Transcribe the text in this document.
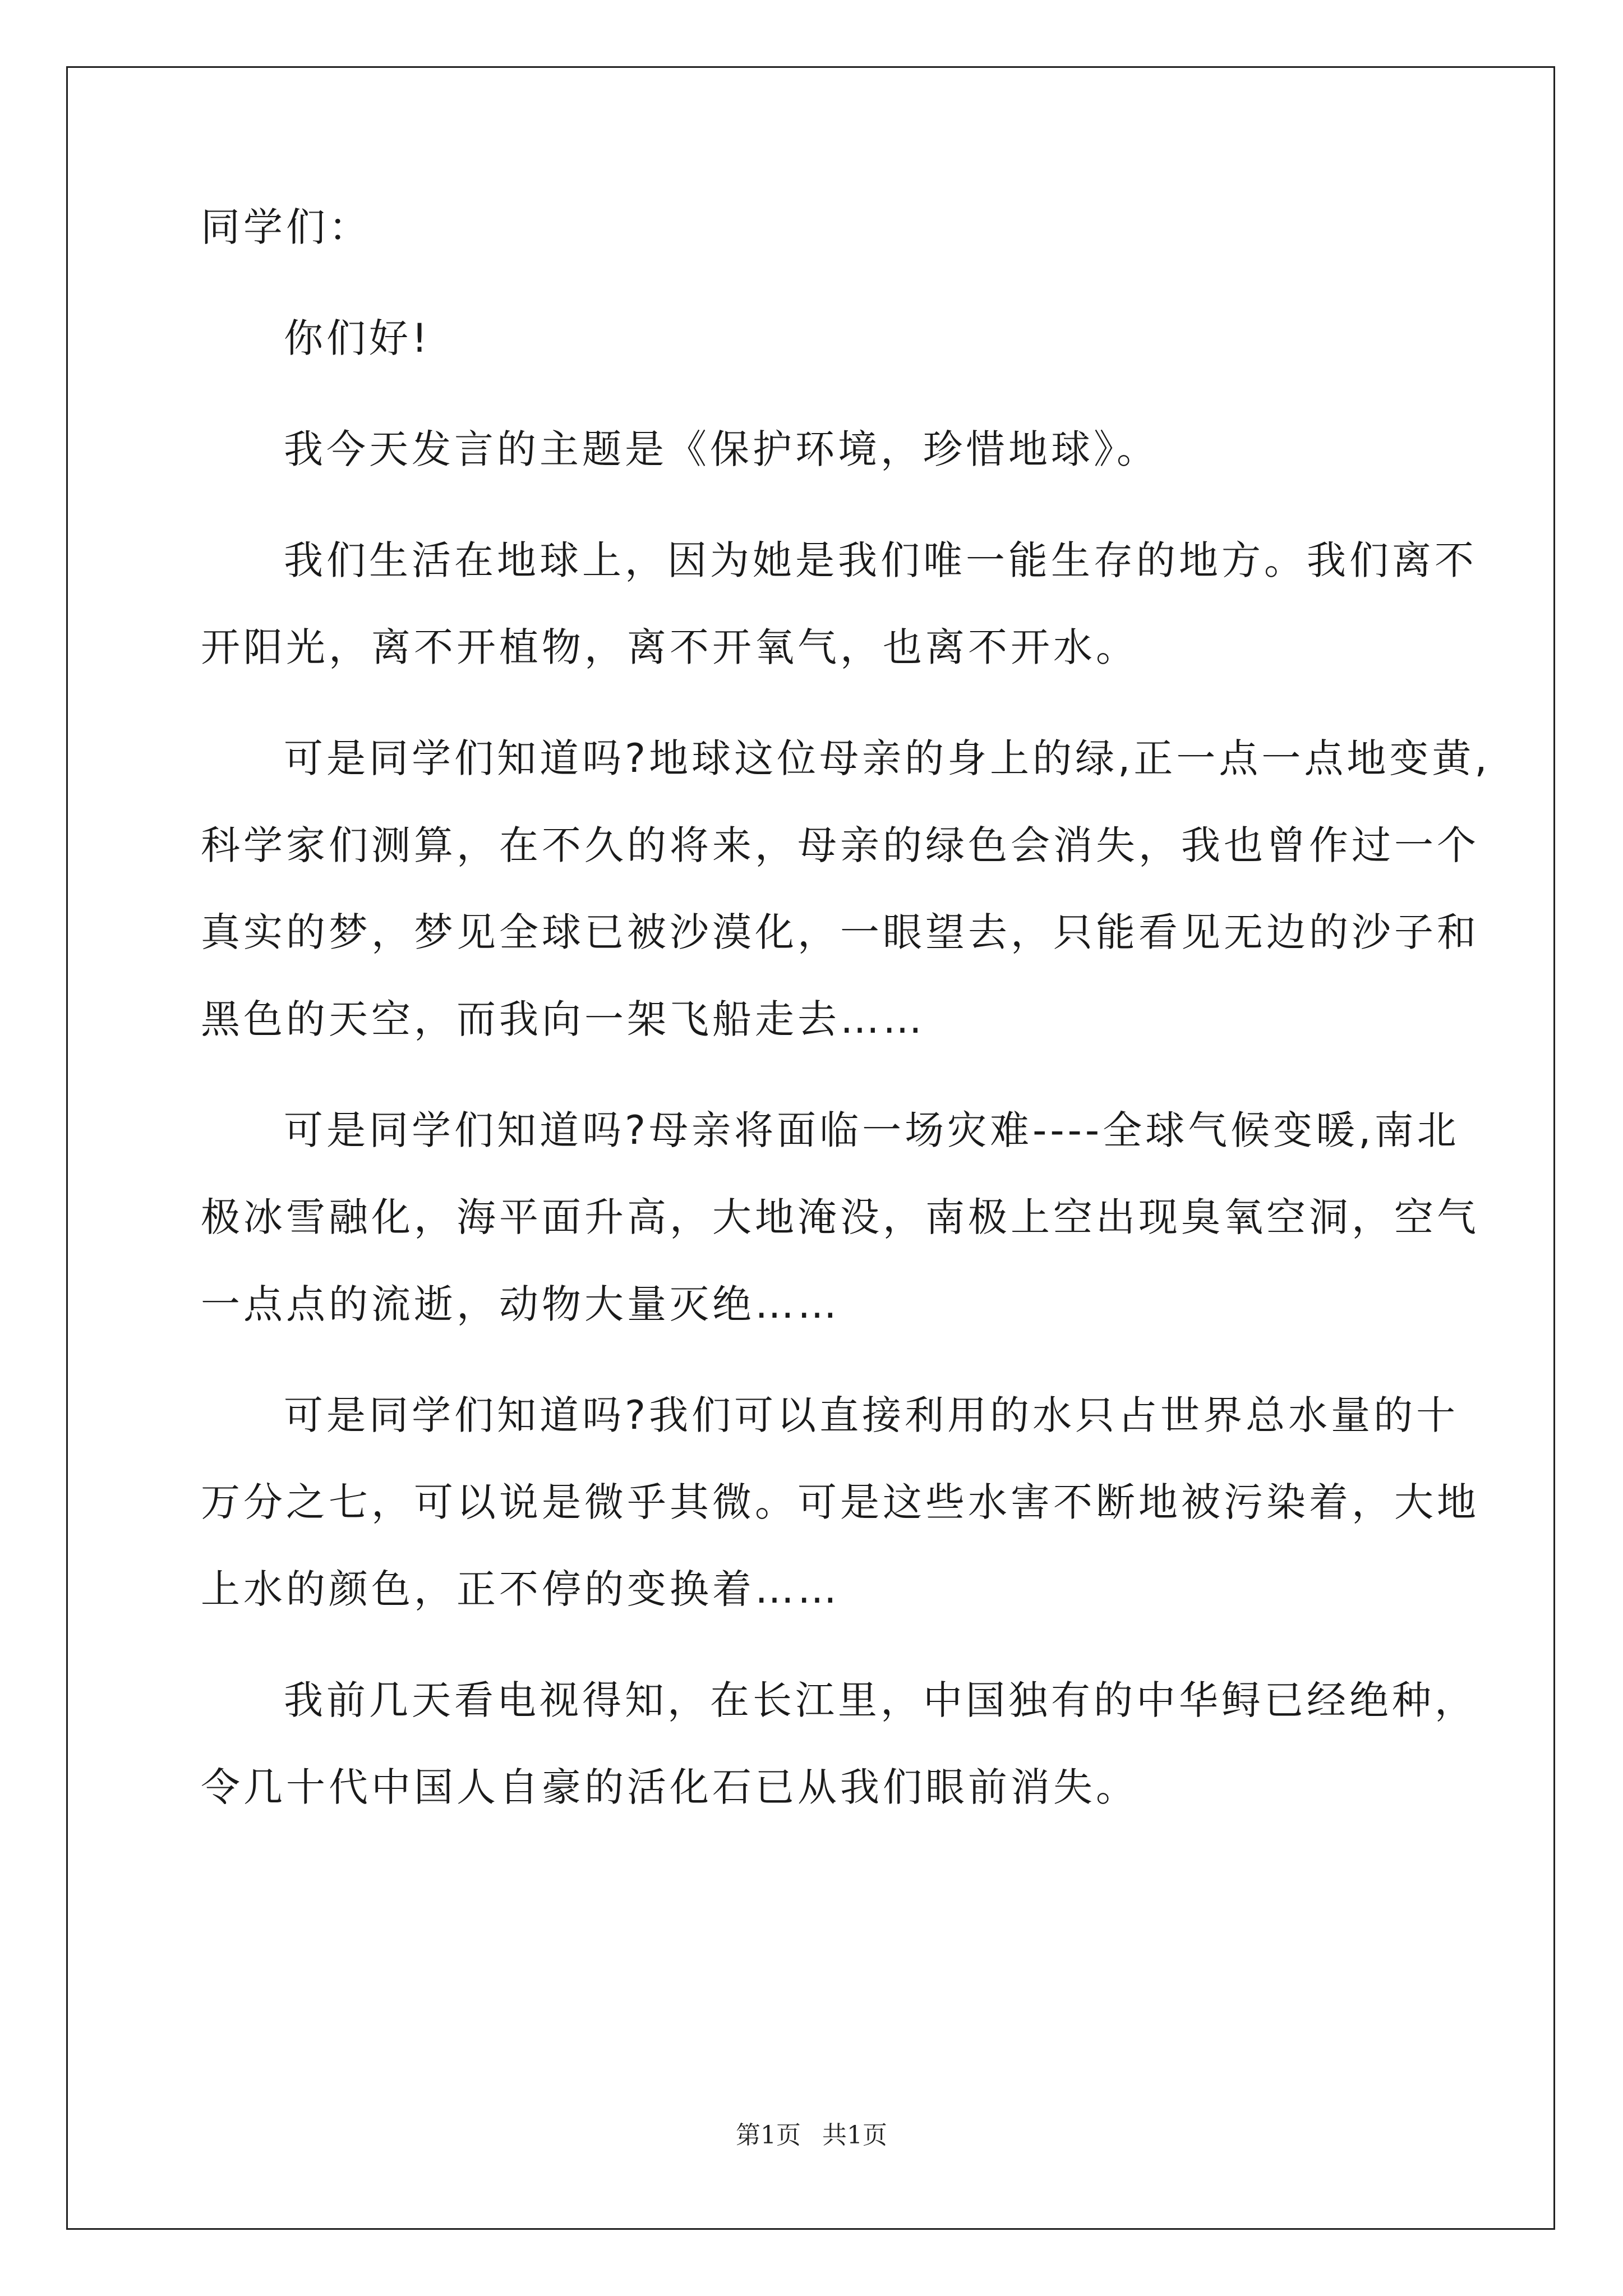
同学们：
你们好!
我今天发言的主题是《保护环境，珍惜地球》。
我们生活在地球上，因为她是我们唯一能生存的地方。我们离不
开阳光，离不开植物，离不开氧气，也离不开水。
可是同学们知道吗?地球这位母亲的身上的绿,正一点一点地变黄,
科学家们测算，在不久的将来，母亲的绿色会消失，我也曾作过一个
真实的梦，梦见全球已被沙漠化，一眼望去，只能看见无边的沙子和
黑色的天空，而我向一架飞船走去……
可是同学们知道吗?母亲将面临一场灾难----全球气候变暖,南北
极冰雪融化，海平面升高，大地淹没，南极上空出现臭氧空洞，空气
一点点的流逝，动物大量灭绝……
可是同学们知道吗?我们可以直接利用的水只占世界总水量的十
万分之七，可以说是微乎其微。可是这些水害不断地被污染着，大地
上水的颜色，正不停的变换着……
我前几天看电视得知，在长江里，中国独有的中华鲟已经绝种，
令几十代中国人自豪的活化石已从我们眼前消失。
第1页 共1页
